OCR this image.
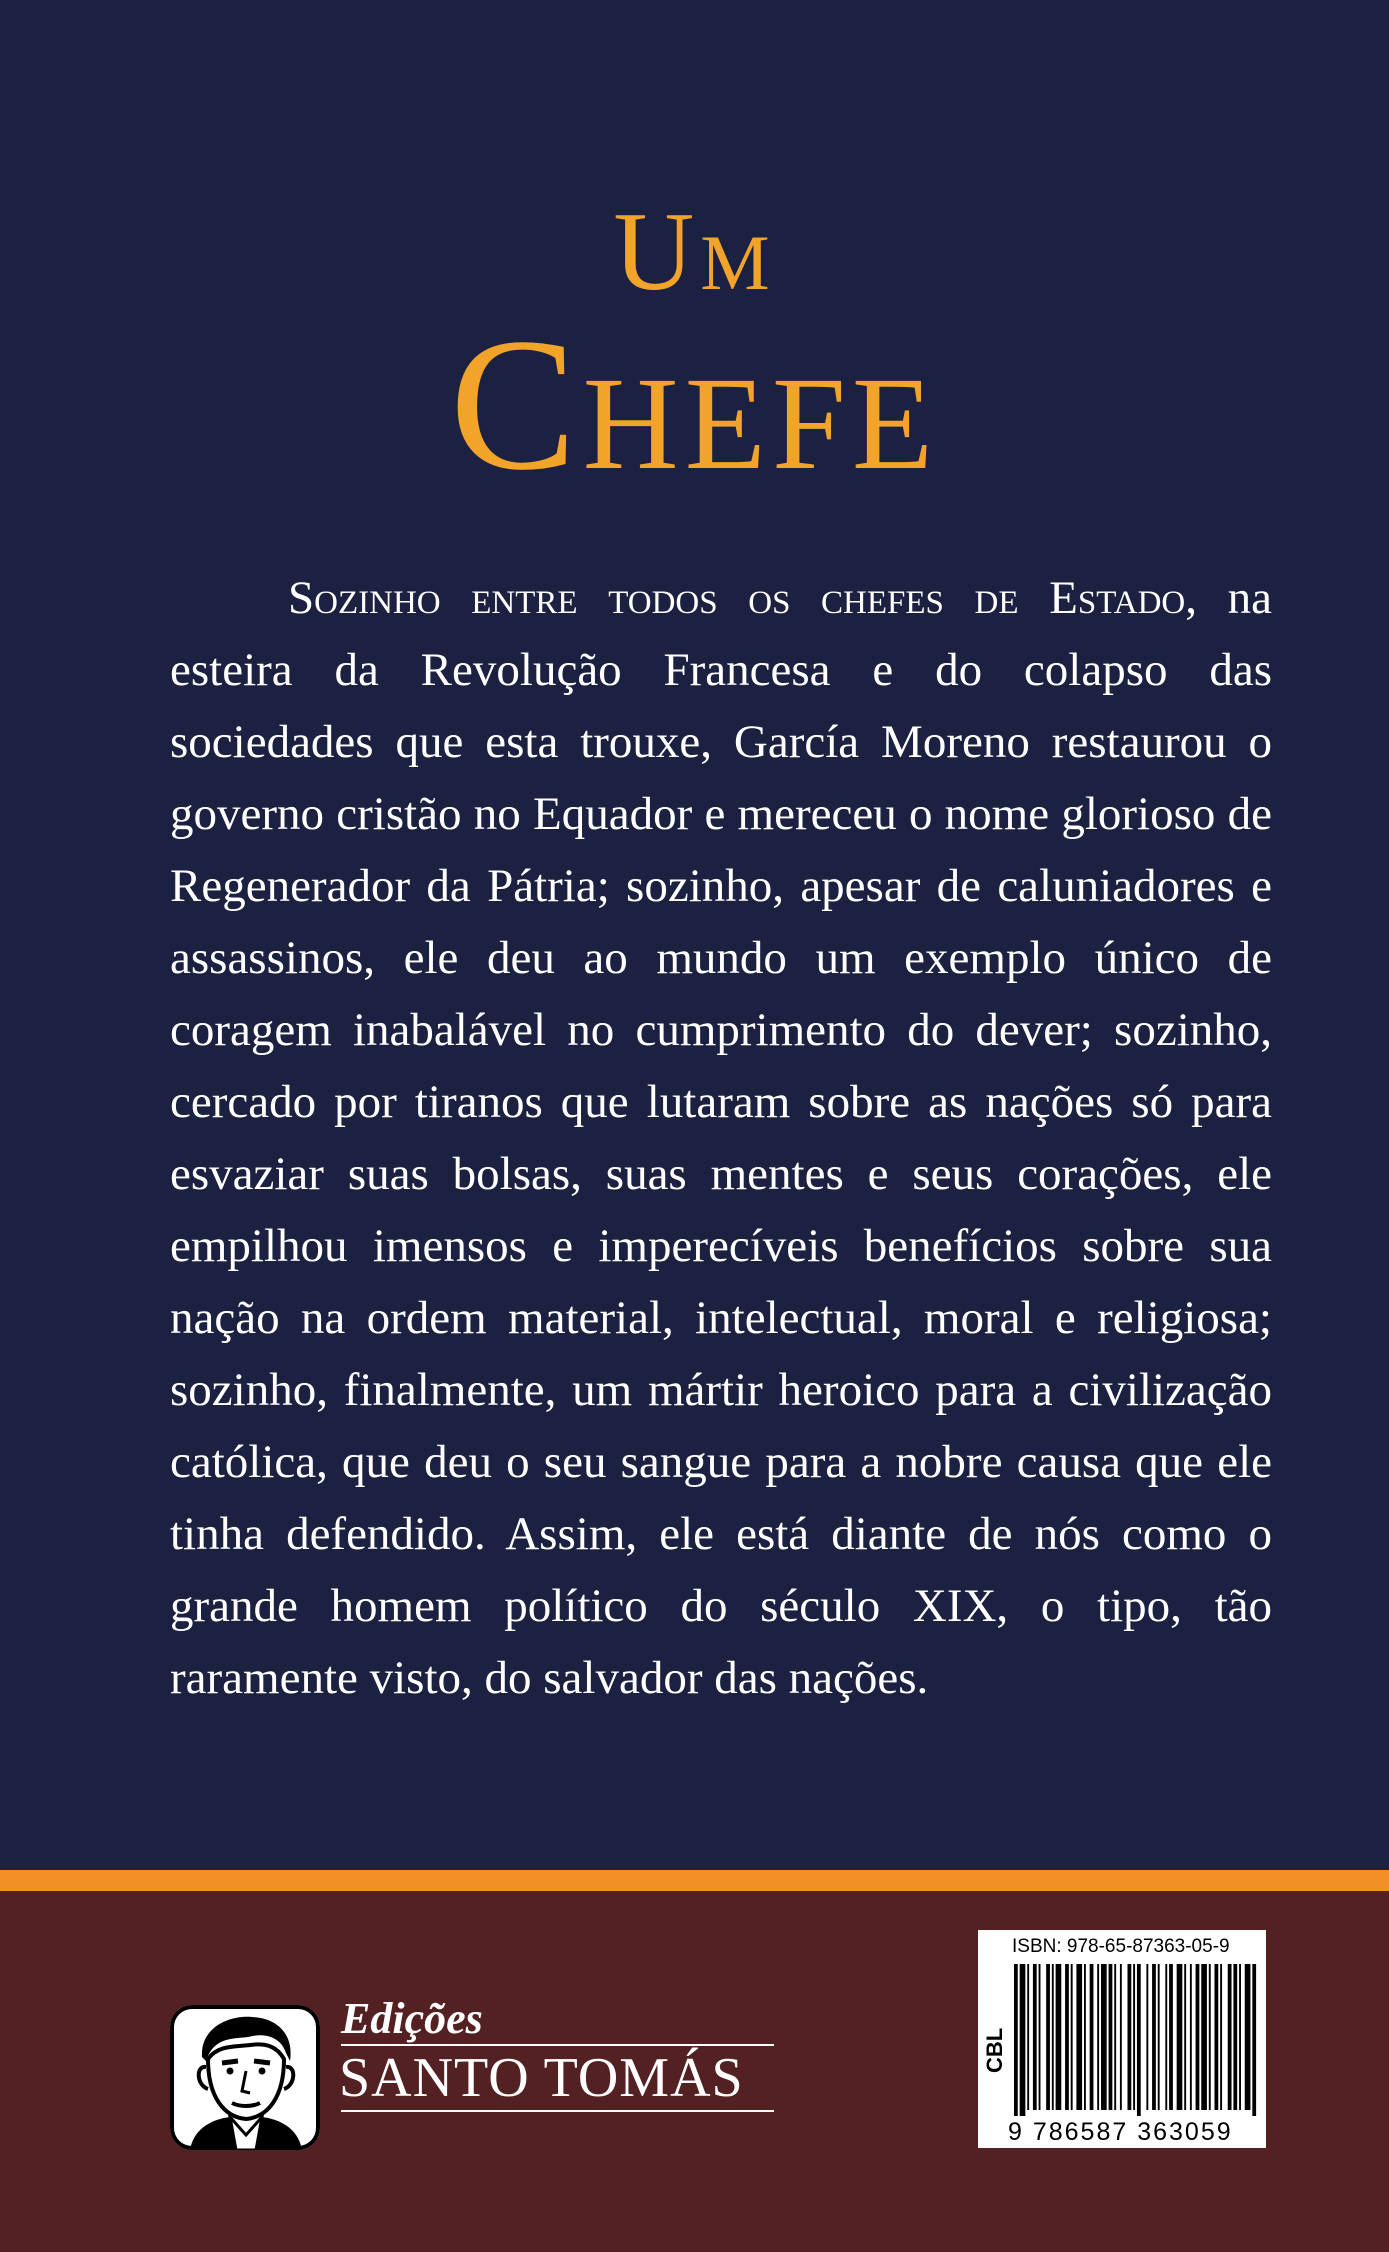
Um
Chefe

Sozinho entre todos os chefes de Estado, na esteira da Revolução Francesa e do colapso das sociedades que esta trouxe, García Moreno restaurou o governo cristão no Equador e mereceu o nome glorioso de Regenerador da Pátria; sozinho, apesar de caluniadores e assassinos, ele deu ao mundo um exemplo único de coragem inabalável no cumprimento do dever; sozinho, cercado por tiranos que lutaram sobre as nações só para esvaziar suas bolsas, suas mentes e seus corações, ele empilhou imensos e imperecíveis benefícios sobre sua nação na ordem material, intelectual, moral e religiosa; sozinho, finalmente, um mártir heroico para a civilização católica, que deu o seu sangue para a nobre causa que ele tinha defendido. Assim, ele está diante de nós como o grande homem político do século XIX, o tipo, tão raramente visto, do salvador das nações.

Edições
SANTO TOMÁS
ISBN: 978-65-87363-05-9
CBL
9 786587 363059
